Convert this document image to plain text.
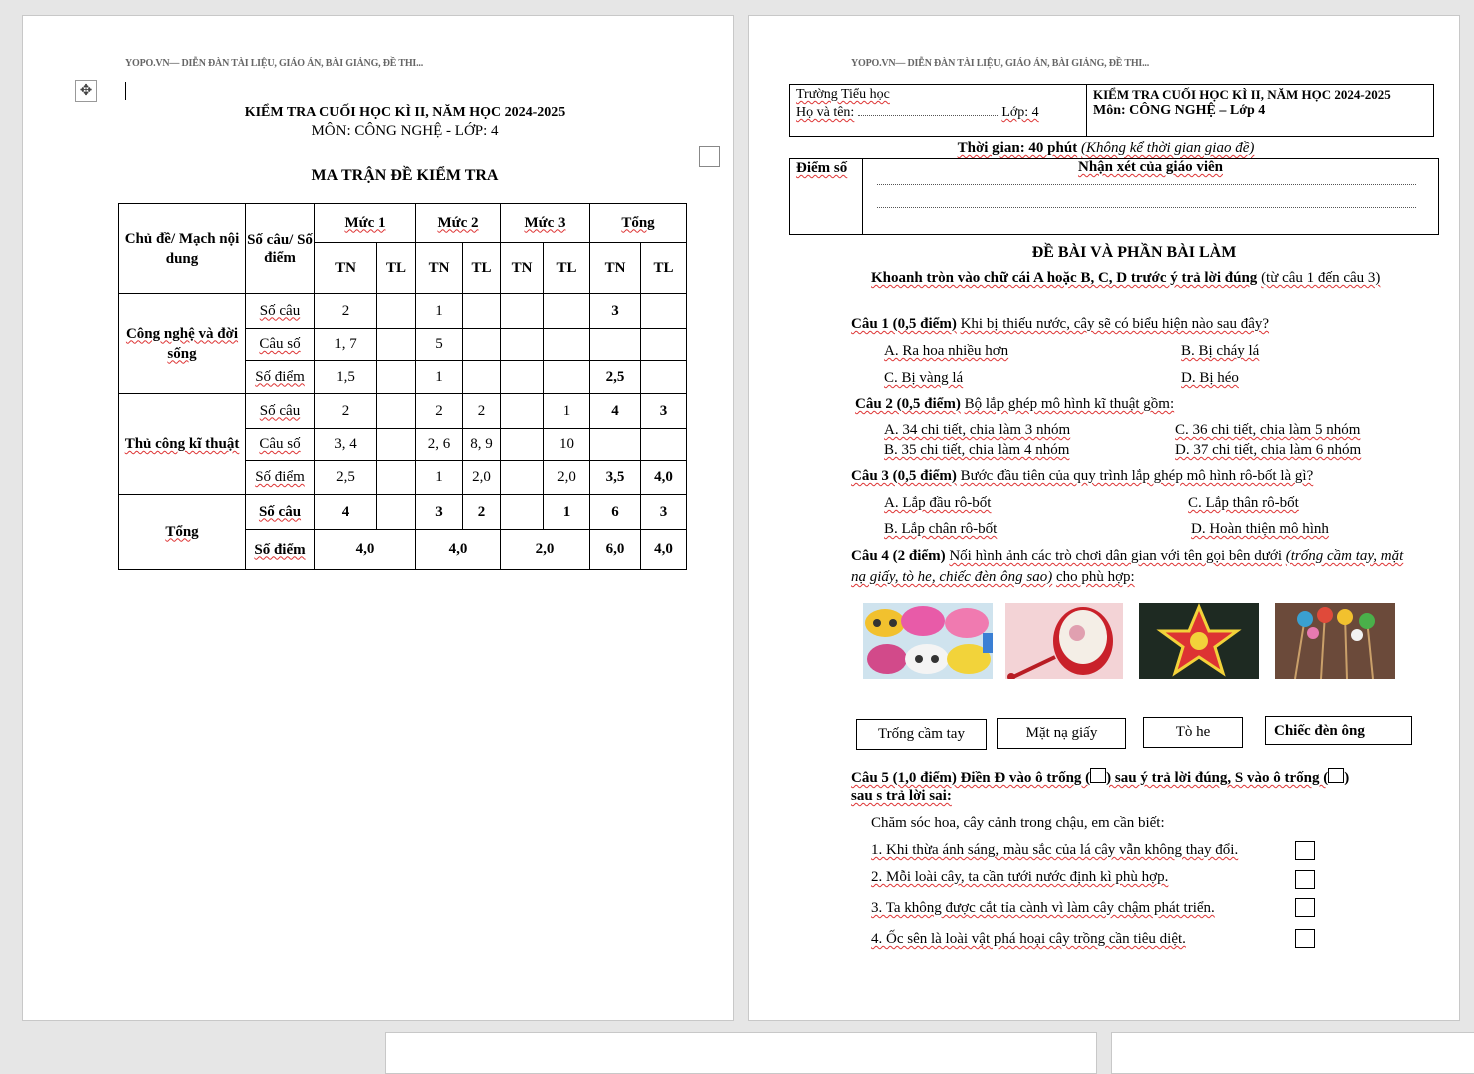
YOPO.VN— DIỄN ĐÀN TÀI LIỆU, GIÁO ÁN, BÀI GIẢNG, ĐỀ THI...
✥
KIỂM TRA CUỐI HỌC KÌ II, NĂM HỌC 2024-2025
MÔN: CÔNG NGHỆ - LỚP: 4
MA TRẬN ĐỀ KIỂM TRA
Chủ đề/ Mạch nội dung	Số câu/ Số điểm	Mức 1		Mức 2		Mức 3		Tổng	
		TN	TL	TN	TL	TN	TL	TN	TL
Công nghệ và đời sống	Số câu	2		1				3	
	Câu số	1, 7		5					
	Số điểm	1,5		1				2,5	
Thủ công kĩ thuật	Số câu	2		2	2		1	4	3
	Câu số	3, 4		2, 6	8, 9		10		
	Số điểm	2,5		1	2,0		2,0	3,5	4,0
Tổng	Số câu	4		3	2		1	6	3
	Số điểm	4,0		4,0		2,0		6,0	4,0
YOPO.VN— DIỄN ĐÀN TÀI LIỆU, GIÁO ÁN, BÀI GIẢNG, ĐỀ THI...
Trường Tiểu học
Họ và tên:	Lớp: 4

KIỂM TRA CUỐI HỌC KÌ II, NĂM HỌC 2024-2025
Môn: CÔNG NGHỆ – Lớp 4
Thời gian: 40 phút (Không kể thời gian giao đề)
Điểm số	Nhận xét của giáo viên
ĐỀ BÀI VÀ PHẦN BÀI LÀM
Khoanh tròn vào chữ cái A hoặc B, C, D trước ý trả lời đúng (từ câu 1 đến câu 3)
Câu 1 (0,5 điểm) Khi bị thiếu nước, cây sẽ có biểu hiện nào sau đây?
A. Ra hoa nhiều hơn	B. Bị cháy lá
C. Bị vàng lá	D. Bị héo
Câu 2 (0,5 điểm) Bộ lắp ghép mô hình kĩ thuật gồm:
A. 34 chi tiết, chia làm 3 nhóm	C. 36 chi tiết, chia làm 5 nhóm
B. 35 chi tiết, chia làm 4 nhóm	D. 37 chi tiết, chia làm 6 nhóm
Câu 3 (0,5 điểm) Bước đầu tiên của quy trình lắp ghép mô hình rô-bốt là gì?
A. Lắp đầu rô-bốt	C. Lắp thân rô-bốt
B. Lắp chân rô-bốt	D. Hoàn thiện mô hình
Câu 4 (2 điểm) Nối hình ảnh các trò chơi dân gian với tên gọi bên dưới (trống cầm tay, mặt nạ giấy, tò he, chiếc đèn ông sao) cho phù hợp:
Trống cầm tay	Mặt nạ giấy	Tò he	Chiếc đèn ông
Câu 5 (1,0 điểm) Điền Đ vào ô trống ( ) sau ý trả lời đúng, S vào ô trống ( )
sau s trả lời sai:
Chăm sóc hoa, cây cảnh trong chậu, em cần biết:
1. Khi thừa ánh sáng, màu sắc của lá cây vẫn không thay đổi.
2. Mỗi loài cây, ta cần tưới nước định kì phù hợp.
3. Ta không được cắt tỉa cành vì làm cây chậm phát triển.
4. Ốc sên là loài vật phá hoại cây trồng cần tiêu diệt.
